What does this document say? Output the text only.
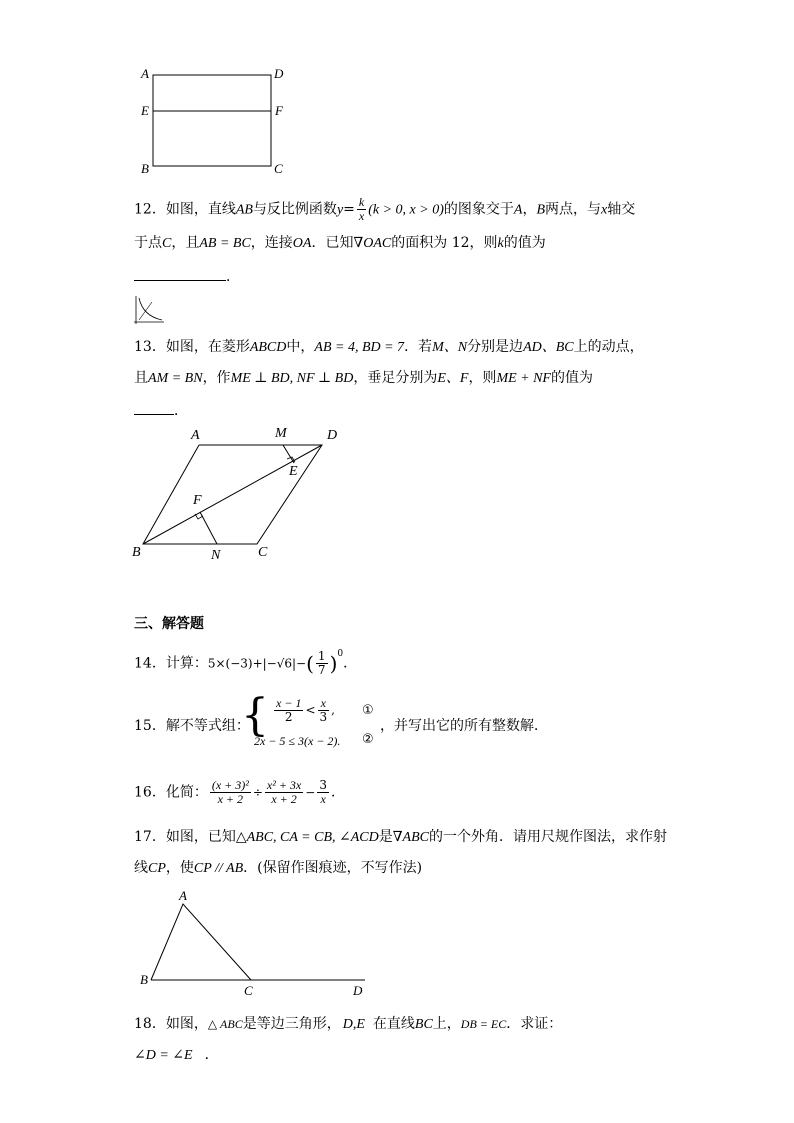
A	D
E	F
B	C
12．如图，直线AB与反比例函数$y= \frac{k}{x} (k > 0$, x > 0)的图象交于A，B两点，与x轴交
于点C，且AB = BC，连接OA．已知∇OAC的面积为 12，则k的值为
．
13．如图，在菱形ABCD中，AB = 4, BD = 7．若M、N分别是边AD、BC上的动点，
且AM = BN，作ME ⊥ BD, NF ⊥ BD，垂足分别为E、F，则ME + NF的值为
．
A	M	D
E
F
B	N	C
三、解答题
14．计算：$5\times(-3)+|-√6|-( \frac{1}{7} )^0$．
15．解不等式组：
{ $\frac{x - 1}{2} < \frac{x}{3}$ , ①
2x − 5 ≤ 3(x − 2). ②
，并写出它的所有整数解．
16．化简： $\frac{\text{(x + 3)²}}{x + 2} \div \frac{\text{x² + 3x}}{x + 2} - \frac{3}{x}$ ．
17．如图，已知△ABC, CA = CB, ∠ACD是∇ABC的一个外角．请用尺规作图法，求作射
线CP，使CP // AB．(保留作图痕迹，不写作法)
A
B
C	D
18．如图，△ ABC是等边三角形， D,E 在直线BC上，DB = EC．求证：
∠D = ∠E ．
